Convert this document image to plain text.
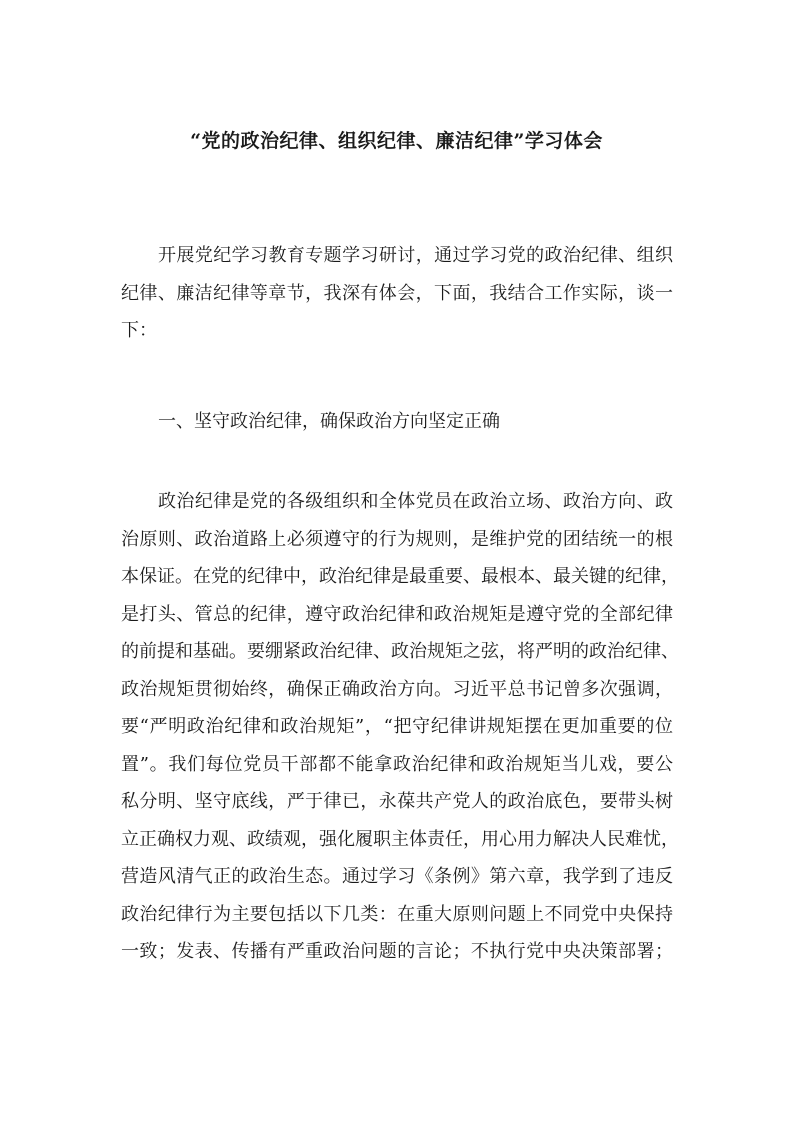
“党的政治纪律、组织纪律、廉洁纪律”学习体会
开展党纪学习教育专题学习研讨，通过学习党的政治纪律、组织
纪律、廉洁纪律等章节，我深有体会，下面，我结合工作实际，谈一
下：
一、坚守政治纪律，确保政治方向坚定正确
政治纪律是党的各级组织和全体党员在政治立场、政治方向、政
治原则、政治道路上必须遵守的行为规则，是维护党的团结统一的根
本保证。在党的纪律中，政治纪律是最重要、最根本、最关键的纪律，
是打头、管总的纪律，遵守政治纪律和政治规矩是遵守党的全部纪律
的前提和基础。要绷紧政治纪律、政治规矩之弦，将严明的政治纪律、
政治规矩贯彻始终，确保正确政治方向。习近平总书记曾多次强调，
要“严明政治纪律和政治规矩”，“把守纪律讲规矩摆在更加重要的位
置”。我们每位党员干部都不能拿政治纪律和政治规矩当儿戏，要公
私分明、坚守底线，严于律已，永葆共产党人的政治底色，要带头树
立正确权力观、政绩观，强化履职主体责任，用心用力解决人民难忧，
营造风清气正的政治生态。通过学习《条例》第六章，我学到了违反
政治纪律行为主要包括以下几类：在重大原则问题上不同党中央保持
一致；发表、传播有严重政治问题的言论；不执行党中央决策部署；
